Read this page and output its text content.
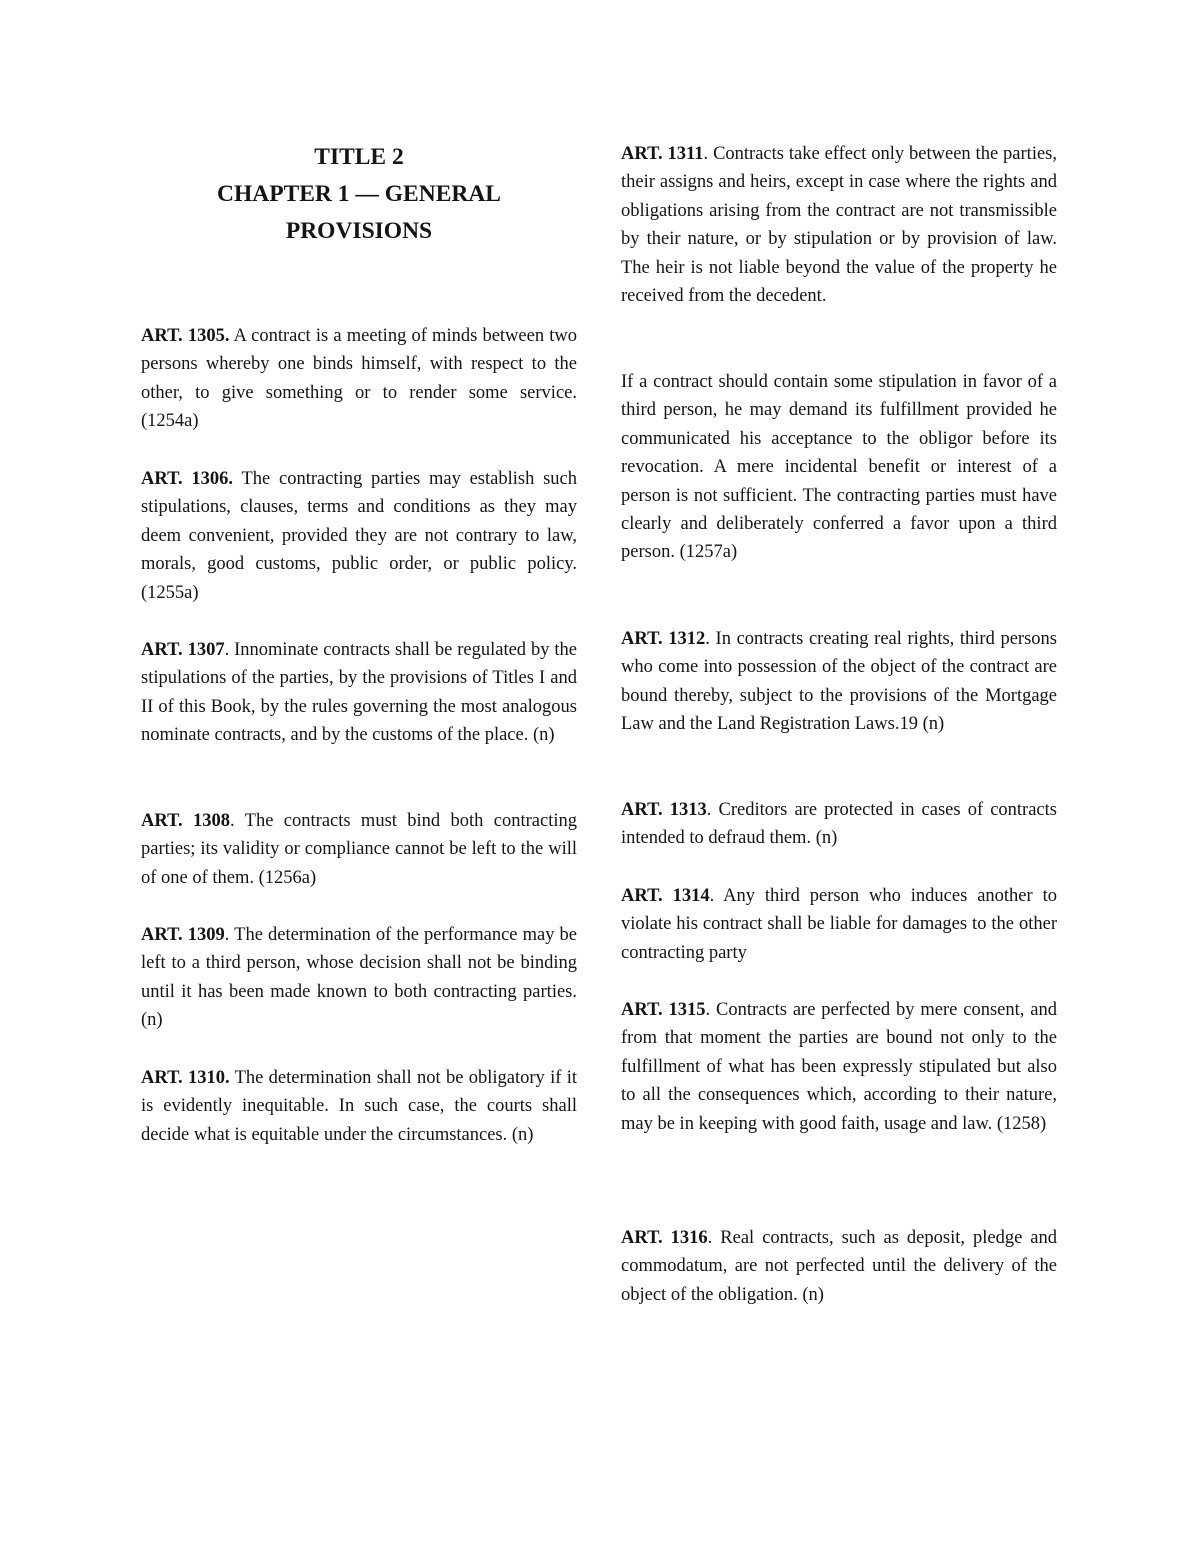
TITLE 2

CHAPTER 1 — GENERAL

PROVISIONS

ART. 1305. A contract is a meeting of minds between two persons whereby one binds himself, with respect to the other, to give something or to render some service. (1254a)

ART. 1306. The contracting parties may establish such stipulations, clauses, terms and conditions as they may deem convenient, provided they are not contrary to law, morals, good customs, public order, or public policy. (1255a)

ART. 1307. Innominate contracts shall be regulated by the stipulations of the parties, by the provisions of Titles I and II of this Book, by the rules governing the most analogous nominate contracts, and by the customs of the place. (n)

ART. 1308. The contracts must bind both contracting parties; its validity or compliance cannot be left to the will of one of them. (1256a)

ART. 1309. The determination of the performance may be left to a third person, whose decision shall not be binding until it has been made known to both contracting parties. (n)

ART. 1310. The determination shall not be obligatory if it is evidently inequitable. In such case, the courts shall decide what is equitable under the circumstances. (n)

ART. 1311. Contracts take effect only between the parties, their assigns and heirs, except in case where the rights and obligations arising from the contract are not transmissible by their nature, or by stipulation or by provision of law. The heir is not liable beyond the value of the property he received from the decedent.

If a contract should contain some stipulation in favor of a third person, he may demand its fulfillment provided he communicated his acceptance to the obligor before its revocation. A mere incidental benefit or interest of a person is not sufficient. The contracting parties must have clearly and deliberately conferred a favor upon a third person. (1257a)

ART. 1312. In contracts creating real rights, third persons who come into possession of the object of the contract are bound thereby, subject to the provisions of the Mortgage Law and the Land Registration Laws.19 (n)

ART. 1313. Creditors are protected in cases of contracts intended to defraud them. (n)

ART. 1314. Any third person who induces another to violate his contract shall be liable for damages to the other contracting party

ART. 1315. Contracts are perfected by mere consent, and from that moment the parties are bound not only to the fulfillment of what has been expressly stipulated but also to all the consequences which, according to their nature, may be in keeping with good faith, usage and law. (1258)

ART. 1316. Real contracts, such as deposit, pledge and commodatum, are not perfected until the delivery of the object of the obligation. (n)
